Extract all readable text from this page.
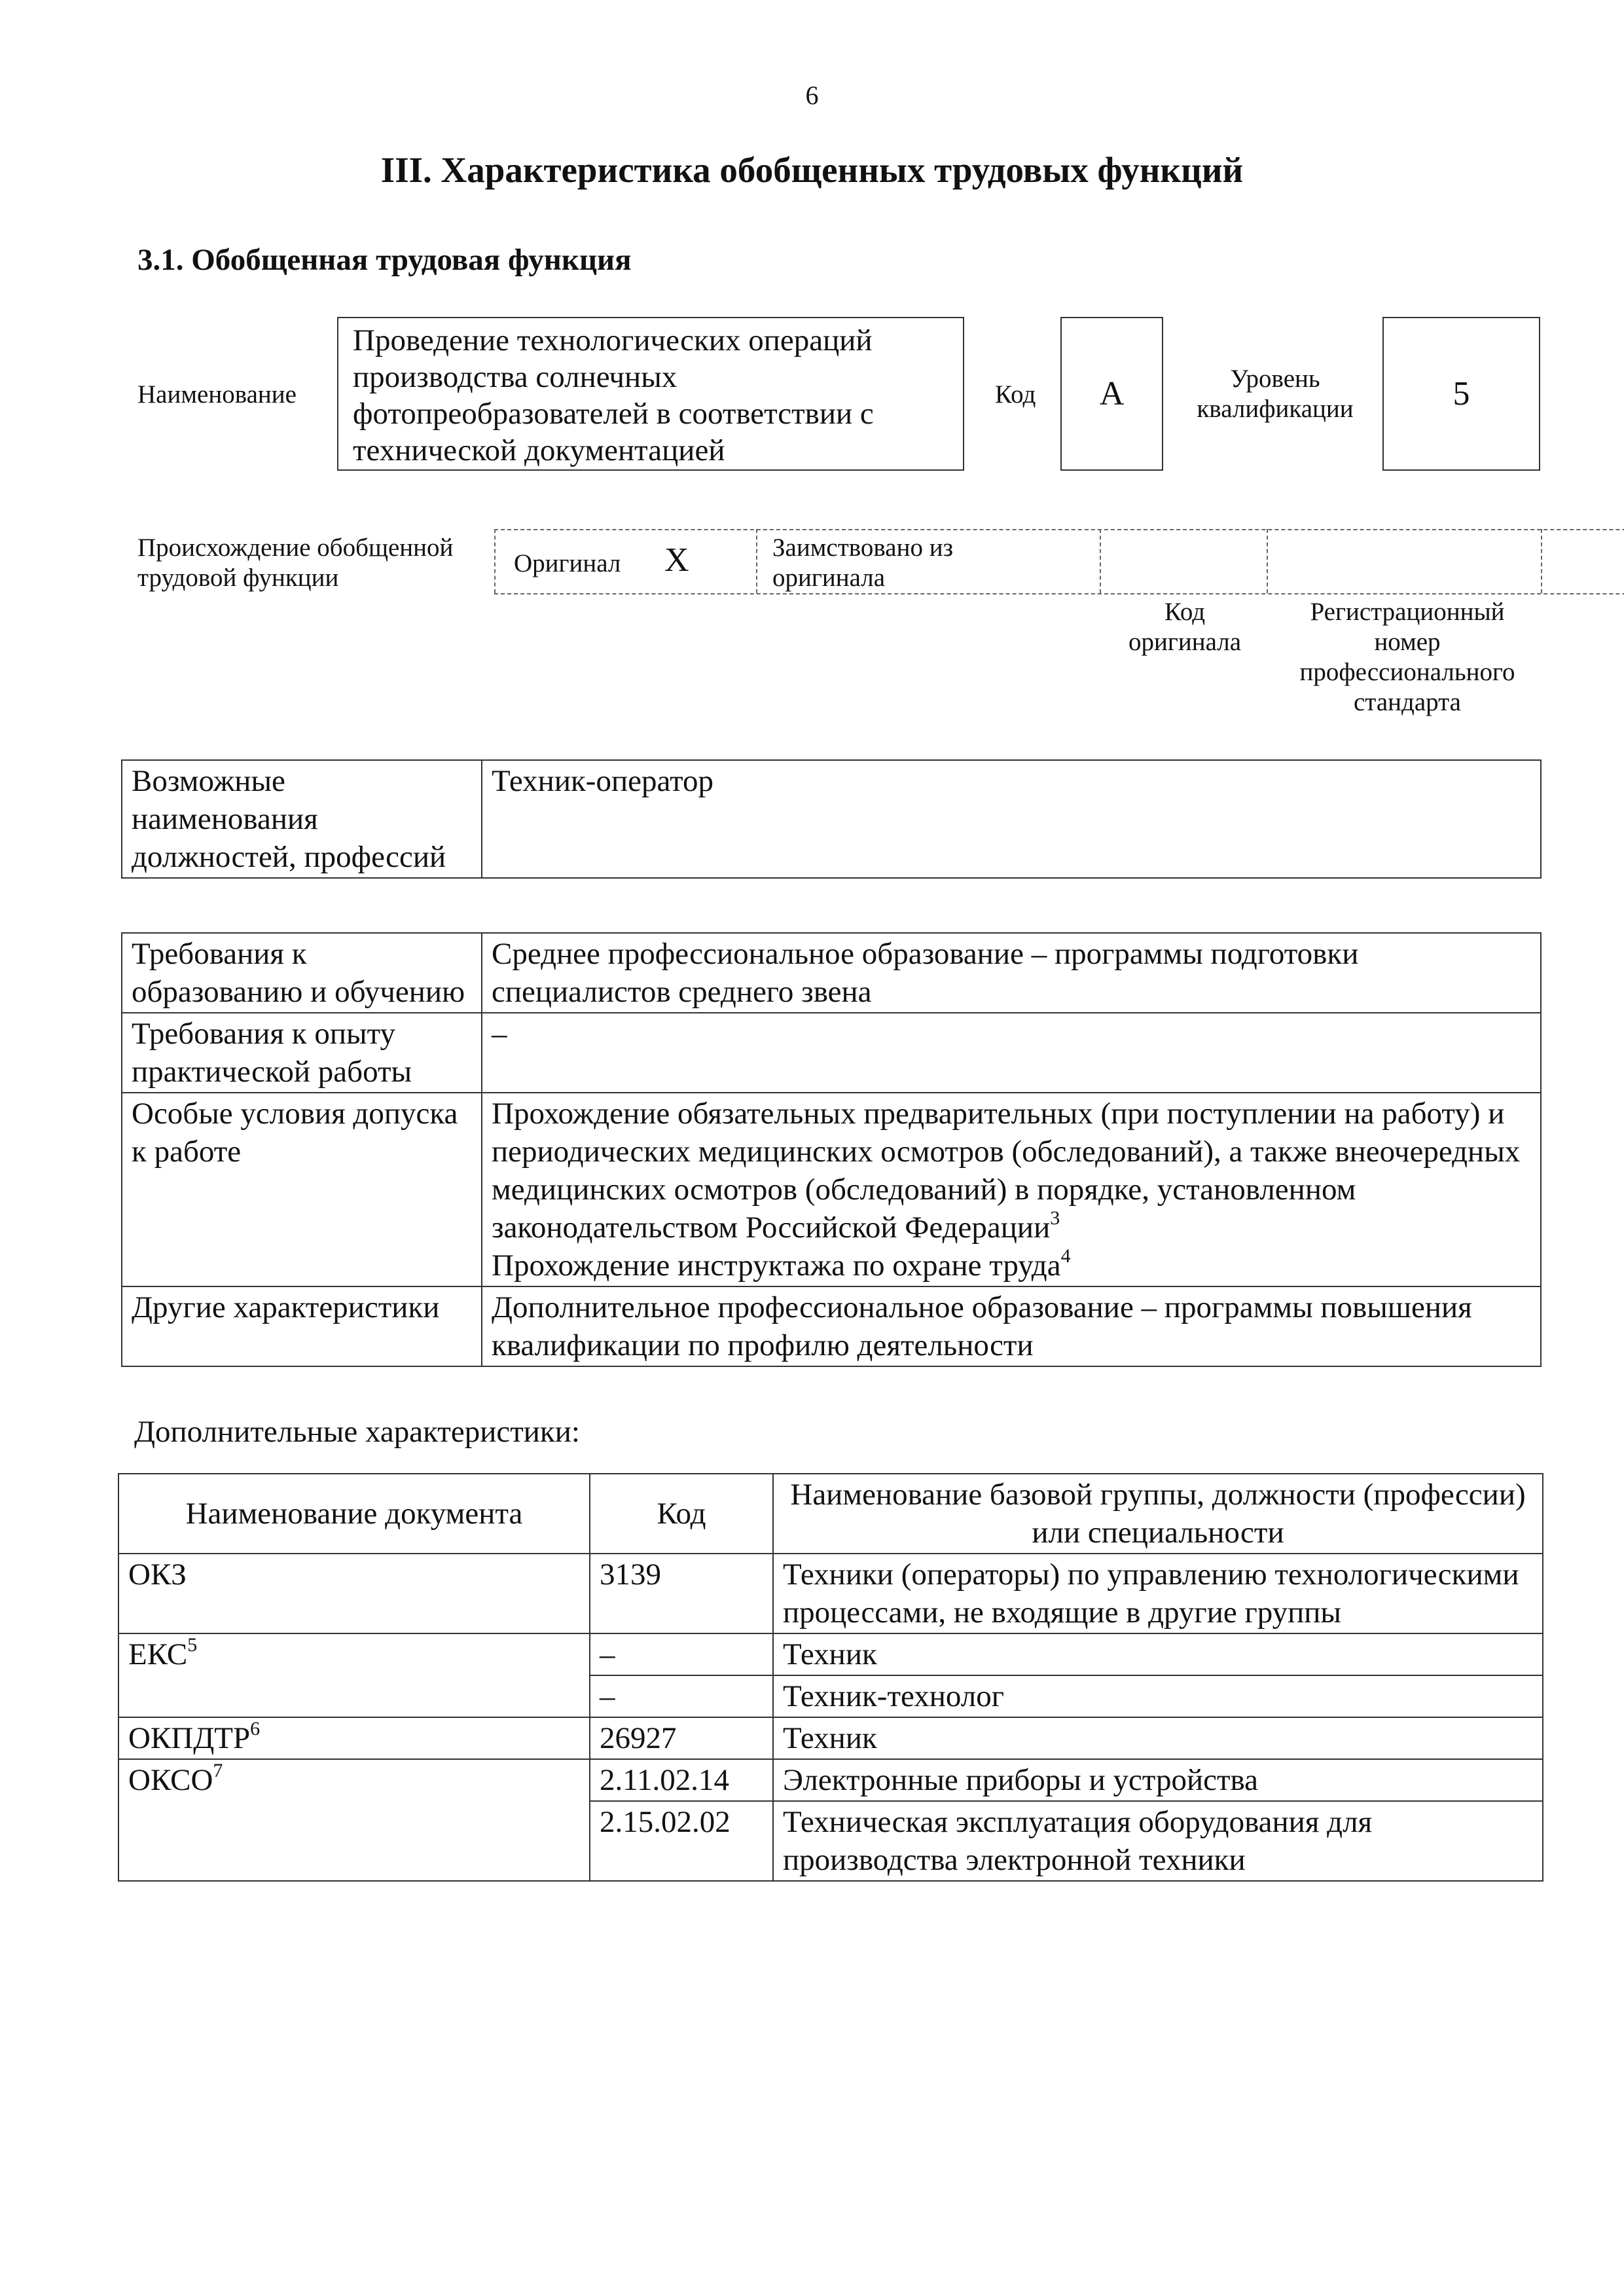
6
III. Характеристика обобщенных трудовых функций
3.1. Обобщенная трудовая функция
Наименование
Проведение технологических операций производства солнечных фотопреобразователей в соответствии с технической документацией
Код А	Уровень квалификации	5
Происхождение обобщенной трудовой функции
Оригинал Х	Заимствовано из оригинала
Код оригинала
Регистрационный номер профессионального стандарта
Возможные наименования должностей, профессий	Техник-оператор
Требования к образованию и обучению	Среднее профессиональное образование – программы подготовки специалистов среднего звена
Требования к опыту практической работы	–
Особые условия допуска к работе	Прохождение обязательных предварительных (при поступлении на работу) и периодических медицинских осмотров (обследований), а также внеочередных медицинских осмотров (обследований) в порядке, установленном законодательством Российской Федерации$^3$
Прохождение инструктажа по охране труда$^4$
Другие характеристики	Дополнительное профессиональное образование – программы повышения квалификации по профилю деятельности
Дополнительные характеристики:
Наименование документа	Код	Наименование базовой группы, должности (профессии) или специальности
ОКЗ	3139	Техники (операторы) по управлению технологическими процессами, не входящие в другие группы
ЕКС$^5$	–	Техник
	–	Техник-технолог
ОКПДТР$^6$	26927	Техник
ОКСО$^7$	2.11.02.14	Электронные приборы и устройства
	2.15.02.02	Техническая эксплуатация оборудования для производства электронной техники
